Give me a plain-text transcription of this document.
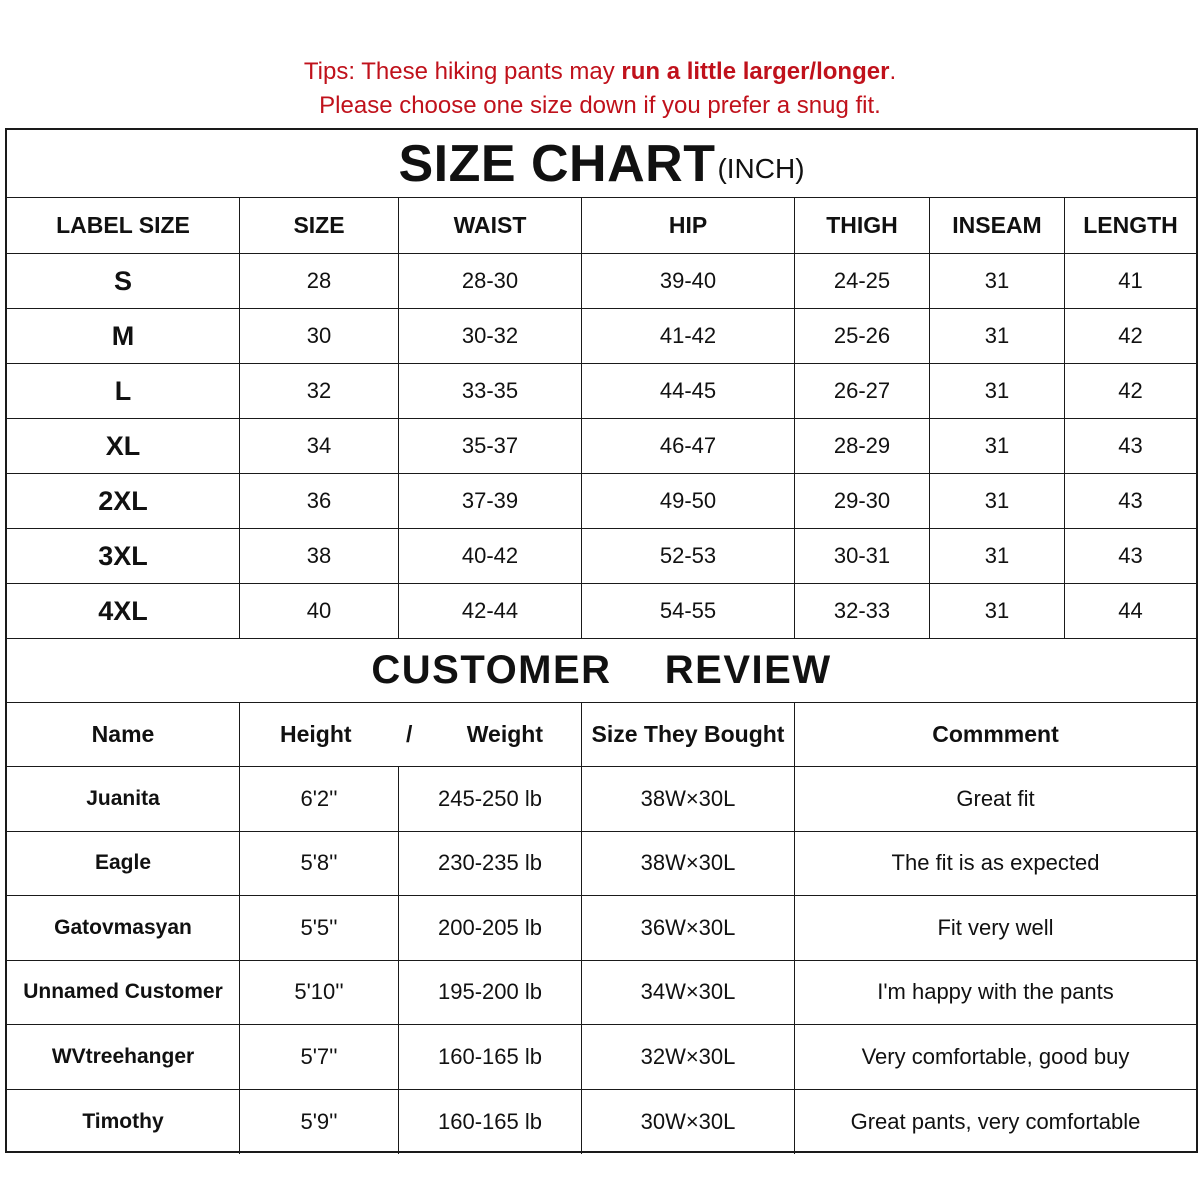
Tips: These hiking pants may run a little larger/longer.
Please choose one size down if you prefer a snug fit.
SIZE CHART (INCH)
LABEL SIZE	SIZE	WAIST	HIP	THIGH	INSEAM	LENGTH
S	28	28-30	39-40	24-25	31	41
M	30	30-32	41-42	25-26	31	42
L	32	33-35	44-45	26-27	31	42
XL	34	35-37	46-47	28-29	31	43
2XL	36	37-39	49-50	29-30	31	43
3XL	38	40-42	52-53	30-31	31	43
4XL	40	42-44	54-55	32-33	31	44
CUSTOMER  REVIEW
Name	Height / Weight	Size They Bought	Commment
Juanita	6'2''	245-250 lb	38W×30L	Great fit
Eagle	5'8''	230-235 lb	38W×30L	The fit is as expected
Gatovmasyan	5'5''	200-205 lb	36W×30L	Fit very well
Unnamed Customer	5'10''	195-200 lb	34W×30L	I'm happy with the pants
WVtreehanger	5'7''	160-165 lb	32W×30L	Very comfortable, good buy
Timothy	5'9''	160-165 lb	30W×30L	Great pants, very comfortable
